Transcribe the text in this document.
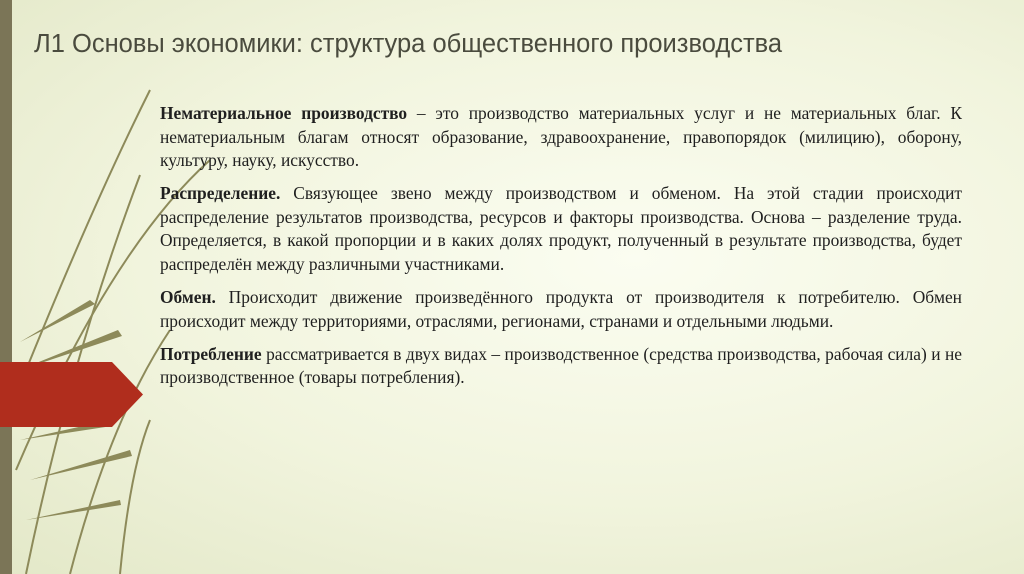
Л1 Основы экономики: структура общественного производства

Нематериальное производство – это производство материальных услуг и не материальных благ. К нематериальным благам относят образование, здравоохранение, правопорядок (милицию), оборону, культуру, науку, искусство.

Распределение. Связующее звено между производством и обменом. На этой стадии происходит распределение результатов производства, ресурсов и факторы производства. Основа – разделение труда. Определяется, в какой пропорции и в каких долях продукт, полученный в результате производства, будет распределён между различными участниками.

Обмен. Происходит движение произведённого продукта от производителя к потребителю. Обмен происходит между территориями, отраслями, регионами, странами и отдельными людьми.

Потребление рассматривается в двух видах – производственное (средства производства, рабочая сила) и не производственное (товары потребления).
